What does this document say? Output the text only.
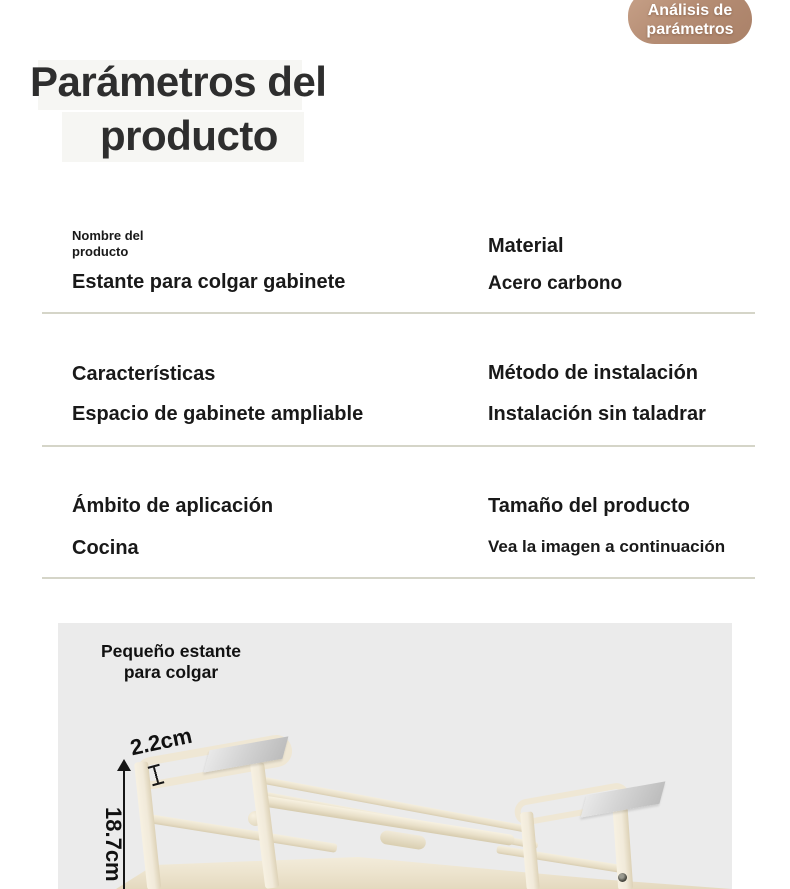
Análisis de
parámetros
Parámetros del
producto
Nombre del producto
Estante para colgar gabinete
Material
Acero carbono
Características
Espacio de gabinete ampliable
Método de instalación
Instalación sin taladrar
Ámbito de aplicación
Cocina
Tamaño del producto
Vea la imagen a continuación
Pequeño estante
para colgar
2.2cm
18.7cm
